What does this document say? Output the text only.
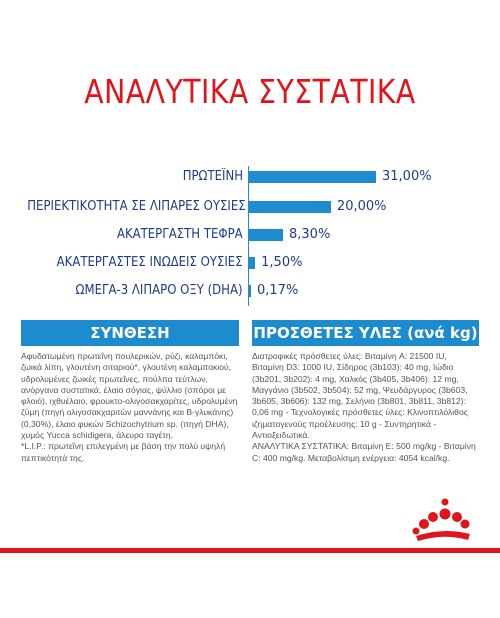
ΑΝΑΛΥΤΙΚΑ ΣΥΣΤΑΤΙΚΑ
ΠΡΩΤΕΪΝΗ	31,00%
ΠΕΡΙΕΚΤΙΚΟΤΗΤΑ ΣΕ ΛΙΠΑΡΕΣ ΟΥΣΙΕΣ	20,00%
ΑΚΑΤΕΡΓΑΣΤΗ ΤΕΦΡΑ	8,30%
ΑΚΑΤΕΡΓΑΣΤΕΣ ΙΝΩΔΕΙΣ ΟΥΣΙΕΣ 1,50%
ΩΜΕΓΑ-3 ΛΙΠΑΡΟ ΟΞΥ (DHA) 0,17%
ΣΥΝΘΕΣΗ	ΠΡΟΣΘΕΤΕΣ ΥΛΕΣ (ανά kg)
Αφυδατωμένη πρωτεΐνη πουλερικών, ρύζι, καλαμπόκι, ζωικά λίπη, γλουτένη σιταριού*, γλουτένη καλαμποκιού, υδρολυμένες ζωικές πρωτεΐνες, πούλπα τεύτλων, ανόργανα συστατικά, έλαιο σόγιας, ψύλλιο (σπόροι με φλοιό), ιχθυέλαιο, φρουκτο-ολιγοσακχαρίτες, υδρολυμένη ζύμη (πηγή ολιγοσακχαριτών μαννάνης και Β-γλυκάνης) (0,30%), έλαιο φυκών Schizochytrium sp. (πηγή DHA), χυμός Yucca schidigera, άλευρο ταγέτη.
*L.I.P.: πρωτεΐνη επιλεγμένη με βάση την πολύ υψηλή πεπτικότητά της.
Διατροφικές πρόσθετες ύλες: Βιταμίνη A: 21500 IU, Βιταμίνη D3: 1000 IU, Σίδηρος (3b103): 40 mg, Ιώδιο (3b201, 3b202): 4 mg, Χαλκός (3b405, 3b406): 12 mg, Μαγγάνιο (3b502, 3b504): 52 mg, Ψευδάργυρος (3b603, 3b605, 3b606): 132 mg, Σελήνιο (3b801, 3b811, 3b812): 0,06 mg - Τεχνολογικές πρόσθετες ύλες: Κλινοπτιλόλιθος ιζηματογενούς προέλευσης: 10 g - Συντηρητικά - Αντιοξειδωτικά.
ΑΝΑΛΥΤΙΚΑ ΣΥΣΤΑΤΙΚΑ: Βιταμίνη E: 500 mg/kg - Βιταμίνη C: 400 mg/kg. Μεταβολίσιμη ενέργεια: 4054 kcal/kg.
